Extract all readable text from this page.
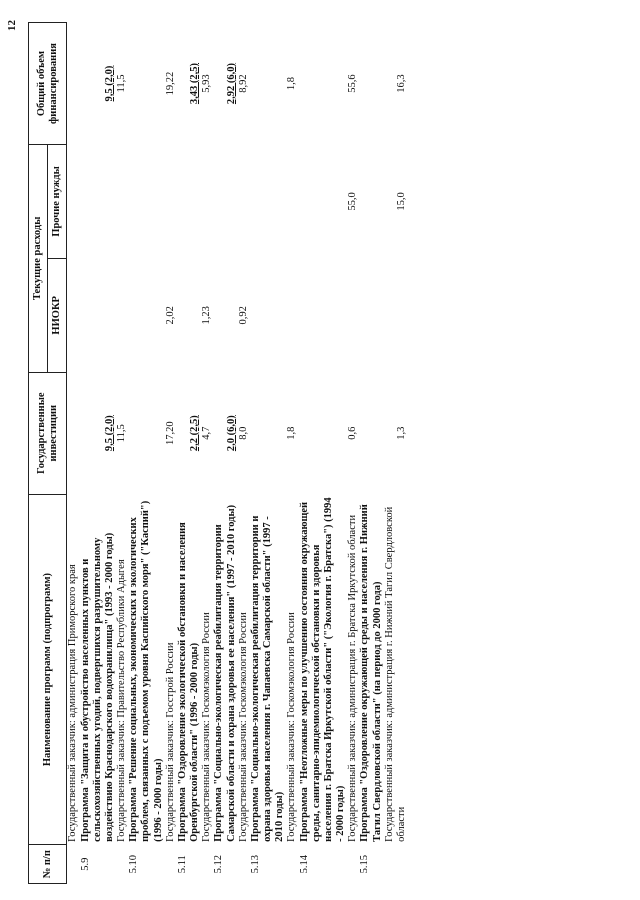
12
№ п/п	Наименование программ (подпрограмм)	Государственные инвестиции	Текущие расходы		Общий объем финансирования
			НИОКР	Прочие нужды	

	Государственный заказчик: администрация Приморского края				

5.9	Программа "Защита и обустройство населенных пунктов и сельскохозяйственных угодий, подвергшихся разрушительному воздействию Краснодарского водохранилища" (1993 - 2000 годы) Государственный заказчик: Правительство Республики Адыгея	9,5 (2,0) 11,5			9,5 (2,0) 11,5

5.10	Программа "Решение социальных, экономических и экологических проблем, связанных с подъемом уровня Каспийского моря" ("Каспий") (1996 - 2000 годы) Государственный заказчик: Госстрой России	17,20	2,02		19,22

5.11	Программа "Оздоровление экологической обстановки и населения Оренбургской области" (1996 - 2000 годы) Государственный заказчик: Госкомэкология России	2,2 (2,5) 4,7	1,23		3,43 (2,5) 5,93

5.12	Программа "Социально-экологическая реабилитация территории Самарской области и охрана здоровья ее населения" (1997 - 2010 годы) Государственный заказчик: Госкомэкология России	2,0 (6,0) 8,0	0,92		2,92 (6,0) 8,92

5.13	Программа "Социально-экологическая реабилитация территории и охрана здоровья населения г. Чапаевска Самарской области" (1997 - 2010 годы) Государственный заказчик: Госкомэкология России	1,8			1,8

5.14	Программа "Неотложные меры по улучшению состояния окружающей среды, санитарно-эпидемиологической обстановки и здоровья населения г. Братска Иркутской области" ("Экология г. Братска") (1994 - 2000 годы) Государственный заказчик: администрация г. Братска Иркутской области	0,6		55,0	55,6

5.15	Программа "Оздоровление окружающей среды и населения г. Нижний Тагил Свердловской области" (на период до 2000 года) Государственный заказчик: администрация г. Нижний Тагил Свердловской области	1,3		15,0	16,3
